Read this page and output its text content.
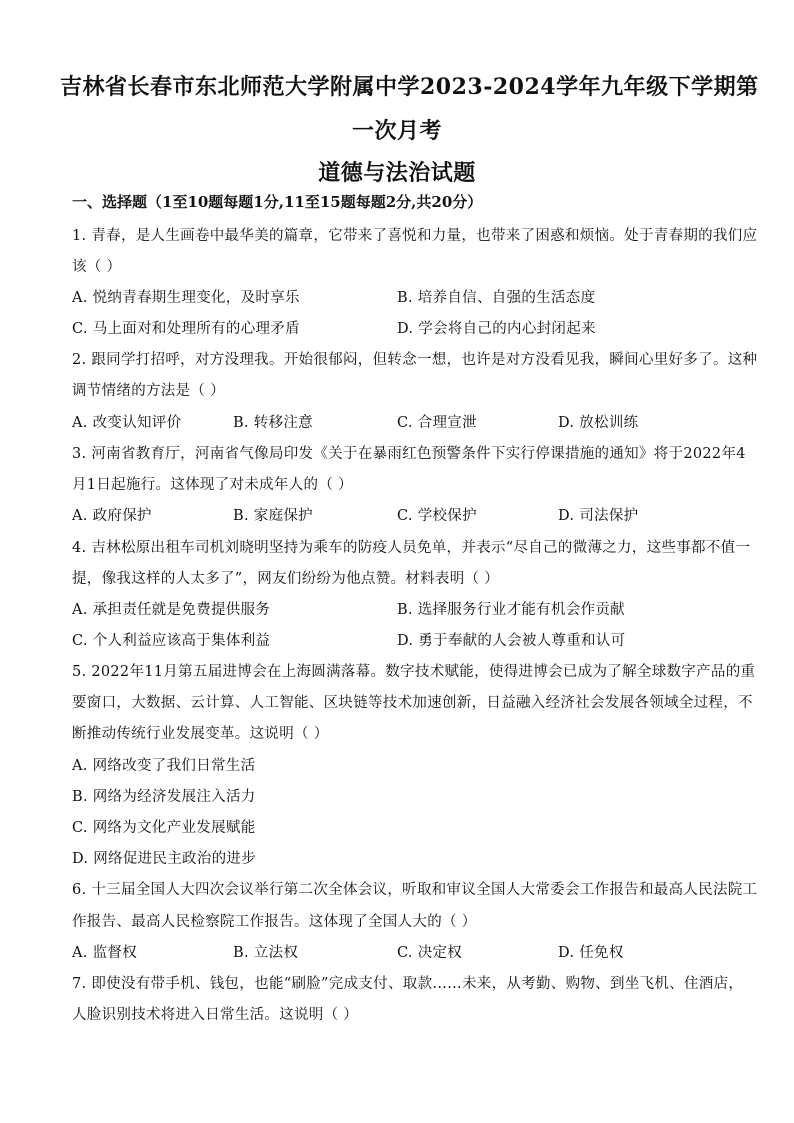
吉林省长春市东北师范大学附属中学2023-2024学年九年级下学期第
一次月考
道德与法治试题
一、选择题（1至10题每题1分,11至15题每题2分,共20分）
1. 青春，是人生画卷中最华美的篇章，它带来了喜悦和力量，也带来了困惑和烦恼。处于青春期的我们应
该（ ）
A. 悦纳青春期生理变化，及时享乐	B. 培养自信、自强的生活态度
C. 马上面对和处理所有的心理矛盾	D. 学会将自己的内心封闭起来
2. 跟同学打招呼，对方没理我。开始很郁闷，但转念一想，也许是对方没看见我，瞬间心里好多了。这种
调节情绪的方法是（ ）
A. 改变认知评价	B. 转移注意	C. 合理宣泄	D. 放松训练
3. 河南省教育厅，河南省气像局印发《关于在暴雨红色预警条件下实行停课措施的通知》将于2022年4
月1日起施行。这体现了对未成年人的（ ）
A. 政府保护	B. 家庭保护	C. 学校保护	D. 司法保护
4. 吉林松原出租车司机刘晓明坚持为乘车的防疫人员免单，并表示“尽自己的微薄之力，这些事都不值一
提，像我这样的人太多了”，网友们纷纷为他点赞。材料表明（ ）
A. 承担责任就是免费提供服务	B. 选择服务行业才能有机会作贡献
C. 个人利益应该高于集体利益	D. 勇于奉献的人会被人尊重和认可
5. 2022年11月第五届进博会在上海圆满落幕。数字技术赋能，使得进博会已成为了解全球数字产品的重
要窗口，大数据、云计算、人工智能、区块链等技术加速创新，日益融入经济社会发展各领域全过程，不
断推动传统行业发展变革。这说明（ ）
A. 网络改变了我们日常生活
B. 网络为经济发展注入活力
C. 网络为文化产业发展赋能
D. 网络促进民主政治的进步
6. 十三届全国人大四次会议举行第二次全体会议，听取和审议全国人大常委会工作报告和最高人民法院工
作报告、最高人民检察院工作报告。这体现了全国人大的（ ）
A. 监督权	B. 立法权	C. 决定权	D. 任免权
7. 即使没有带手机、钱包，也能“刷脸”完成支付、取款……未来，从考勤、购物、到坐飞机、住酒店，
人脸识别技术将进入日常生活。这说明（ ）
